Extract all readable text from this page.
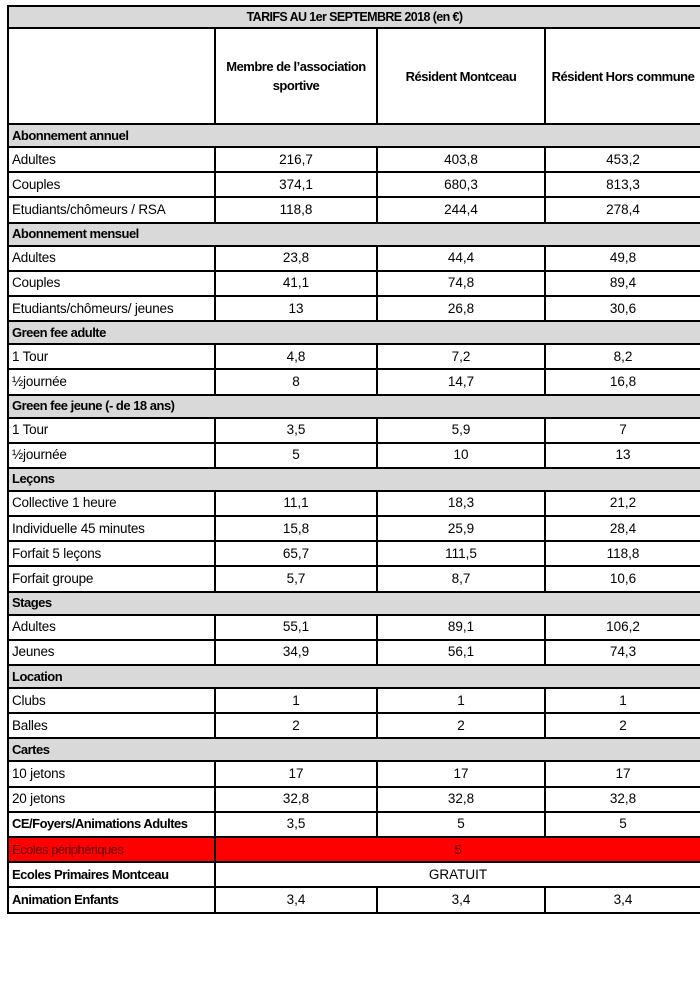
TARIFS AU 1er SEPTEMBRE 2018 (en €)			
	Membre de l’association sportive	Résident Montceau	Résident Hors commune
Abonnement annuel			
Adultes	216,7	403,8	453,2
Couples	374,1	680,3	813,3
Etudiants/chômeurs / RSA	118,8	244,4	278,4
Abonnement mensuel			
Adultes	23,8	44,4	49,8
Couples	41,1	74,8	89,4
Etudiants/chômeurs/ jeunes	13	26,8	30,6
Green fee adulte			
1 Tour	4,8	7,2	8,2
½journée	8	14,7	16,8
Green fee jeune (- de 18 ans)			
1 Tour	3,5	5,9	7
½journée	5	10	13
Leçons			
Collective 1 heure	11,1	18,3	21,2
Individuelle 45 minutes	15,8	25,9	28,4
Forfait 5 leçons	65,7	111,5	118,8
Forfait groupe	5,7	8,7	10,6
Stages			
Adultes	55,1	89,1	106,2
Jeunes	34,9	56,1	74,3
Location			
Clubs	1	1	1
Balles	2	2	2
Cartes			
10 jetons	17	17	17
20 jetons	32,8	32,8	32,8
CE/Foyers/Animations Adultes	3,5	5	5
Ecoles périphériques	5		
Ecoles Primaires Montceau	GRATUIT		
Animation Enfants	3,4	3,4	3,4
